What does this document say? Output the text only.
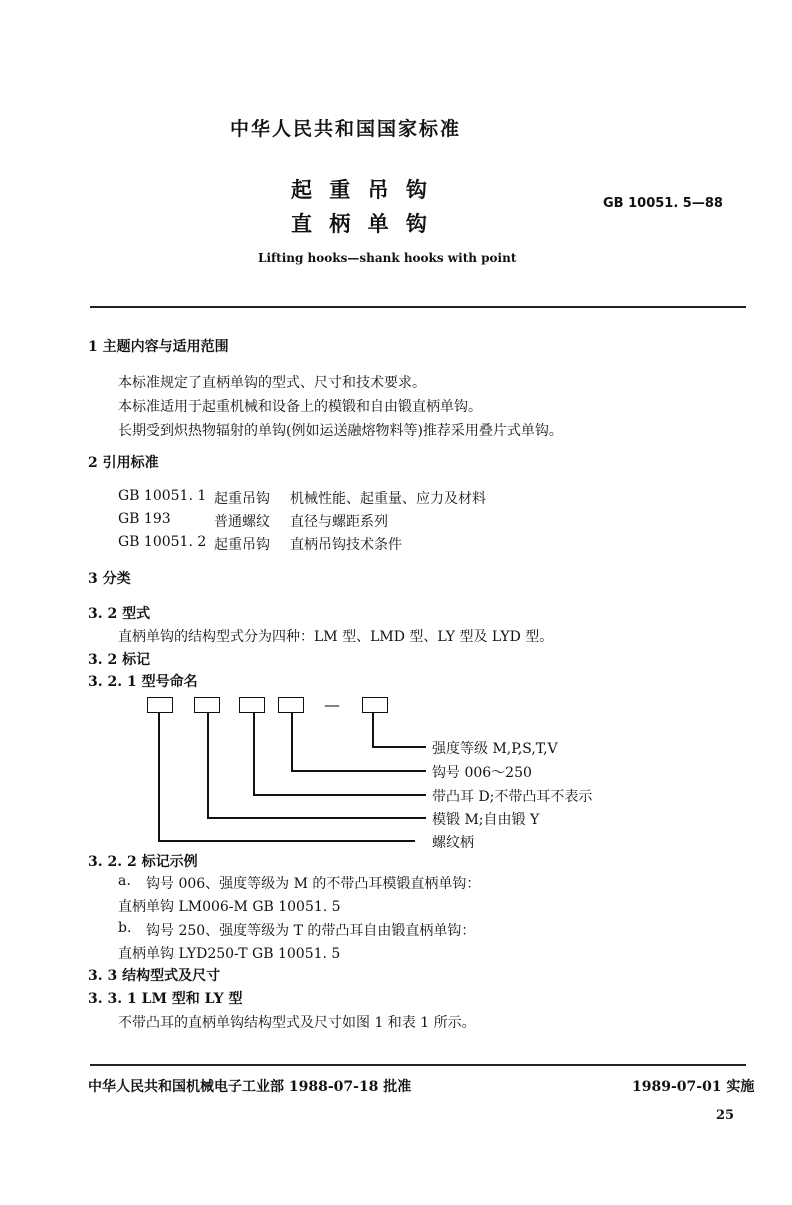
中华人民共和国国家标准
起 重 吊 钩
直 柄 单 钩
GB 10051. 5—88
Lifting hooks—shank hooks with point
1 主题内容与适用范围
本标准规定了直柄单钩的型式、尺寸和技术要求。
本标准适用于起重机械和设备上的模锻和自由锻直柄单钩。
长期受到炽热物辐射的单钩(例如运送融熔物料等)推荐采用叠片式单钩。
2 引用标准
GB 10051. 1 起重吊钩 机械性能、起重量、应力及材料
GB 193	普通螺纹 直径与螺距系列
GB 10051. 2 起重吊钩 直柄吊钩技术条件
3 分类
3. 2 型式
直柄单钩的结构型式分为四种：LM 型、LMD 型、LY 型及 LYD 型。
3. 2 标记
3. 2. 1 型号命名
—
强度等级 M,P,S,T,V
钩号 006～250
带凸耳 D;不带凸耳不表示
模锻 M;自由锻 Y
螺纹柄
3. 2. 2 标记示例
a. 钩号 006、强度等级为 M 的不带凸耳模锻直柄单钩：
直柄单钩 LM006-M GB 10051. 5
b. 钩号 250、强度等级为 T 的带凸耳自由锻直柄单钩：
直柄单钩 LYD250-T GB 10051. 5
3. 3 结构型式及尺寸
3. 3. 1 LM 型和 LY 型
不带凸耳的直柄单钩结构型式及尺寸如图 1 和表 1 所示。
中华人民共和国机械电子工业部 1988-07-18 批准	1989-07-01 实施
25
